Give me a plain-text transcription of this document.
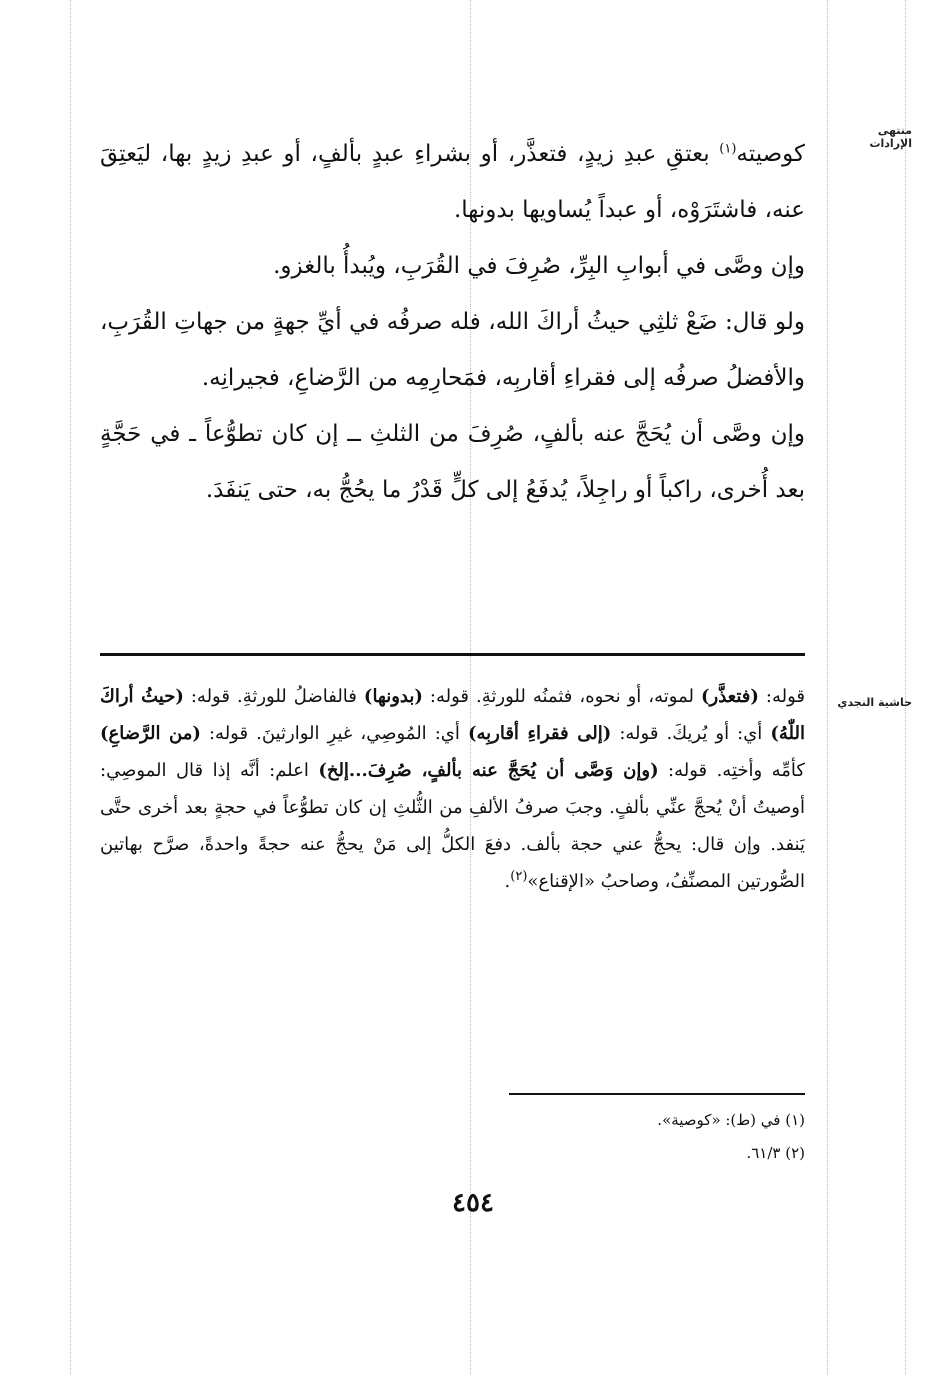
منتهى الإرادات
حاشية النجدي

كوصيته$^{(١)}$ بعتقِ عبدِ زيدٍ، فتعذَّر، أو بشراءِ عبدٍ بألفٍ، أو عبدِ زيدٍ بها، ليَعتِقَ عنه، فاشتَرَوْه، أو عبداً يُساويها بدونها.

وإن وصَّى في أبوابِ البِرِّ، صُرِفَ في القُرَبِ، ويُبدأُ بالغزو.

ولو قال: ضَعْ ثلثِي حيثُ أراكَ الله، فله صرفُه في أيِّ جهةٍ من جهاتِ القُرَبِ، والأفضلُ صرفُه إلى فقراءِ أقاربِه، فمَحارِمِه من الرَّضاعِ، فجيرانِه.

وإن وصَّى أن يُحَجَّ عنه بألفٍ، صُرِفَ من الثلثِ ــ إن كان تطوُّعاً ـ في حَجَّةٍ بعد أُخرى، راكباً أو راجِلاً، يُدفَعُ إلى كلٍّ قَدْرُ ما يحُجُّ به، حتى يَنفَدَ.

قوله: (فتعذَّر) لموته، أو نحوه، فثمنُه للورثةِ. قوله: (بدونها) فالفاضلُ للورثةِ. قوله: (حيثُ أراكَ اللّٰهُ) أي: أو يُريكَ. قوله: (إلى فقراءِ أقاربِه) أي: المُوصِي، غيرِ الوارثينَ. قوله: (من الرَّضاعِ) كأمِّه وأختِه. قوله: (وإن وَصَّى أن يُحَجَّ عنه بألفٍ، صُرِفَ...إلخ) اعلم: أنَّه إذا قال الموصِي: أوصيتُ أنْ يُحجَّ عنِّي بألفٍ. وجبَ صرفُ الألفِ من الثُّلثِ إن كان تطوُّعاً في حجةٍ بعد أخرى حتَّى يَنفد. وإن قال: يحجُّ عني حجة بألف. دفعَ الكلُّ إلى مَنْ يحجُّ عنه حجةً واحدةً، صرَّح بهاتين الصُّورتين المصنِّفُ، وصاحبُ «الإقناع»$^{(٢)}$.

(١) في (ط): «كوصية».

(٢) ٦١/٣.

٤٥٤
